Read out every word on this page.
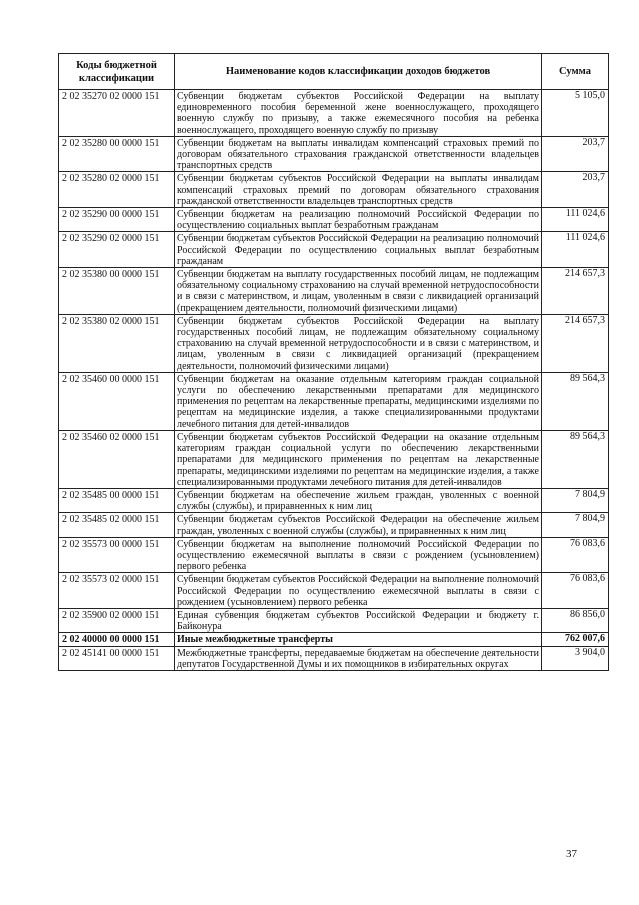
Коды бюджетной классификации	Наименование кодов классификации доходов бюджетов	Сумма
2 02 35270 02 0000 151	Субвенции бюджетам субъектов Российской Федерации на выплату единовременного пособия беременной жене военнослужащего, проходящего военную службу по призыву, а также ежемесячного пособия на ребенка военнослужащего, проходящего военную службу по призыву	5 105,0
2 02 35280 00 0000 151	Субвенции бюджетам на выплаты инвалидам компенсаций страховых премий по договорам обязательного страхования гражданской ответственности владельцев транспортных средств	203,7
2 02 35280 02 0000 151	Субвенции бюджетам субъектов Российской Федерации на выплаты инвалидам компенсаций страховых премий по договорам обязательного страхования гражданской ответственности владельцев транспортных средств	203,7
2 02 35290 00 0000 151	Субвенции бюджетам на реализацию полномочий Российской Федерации по осуществлению социальных выплат безработным гражданам	111 024,6
2 02 35290 02 0000 151	Субвенции бюджетам субъектов Российской Федерации на реализацию полномочий Российской Федерации по осуществлению социальных выплат безработным гражданам	111 024,6
2 02 35380 00 0000 151	Субвенции бюджетам на выплату государственных пособий лицам, не подлежащим обязательному социальному страхованию на случай временной нетрудоспособности и в связи с материнством, и лицам, уволенным в связи с ликвидацией организаций (прекращением деятельности, полномочий физическими лицами)	214 657,3
2 02 35380 02 0000 151	Субвенции бюджетам субъектов Российской Федерации на выплату государственных пособий лицам, не подлежащим обязательному социальному страхованию на случай временной нетрудоспособности и в связи с материнством, и лицам, уволенным в связи с ликвидацией организаций (прекращением деятельности, полномочий физическими лицами)	214 657,3
2 02 35460 00 0000 151	Субвенции бюджетам на оказание отдельным категориям граждан социальной услуги по обеспечению лекарственными препаратами для медицинского применения по рецептам на лекарственные препараты, медицинскими изделиями по рецептам на медицинские изделия, а также специализированными продуктами лечебного питания для детей-инвалидов	89 564,3
2 02 35460 02 0000 151	Субвенции бюджетам субъектов Российской Федерации на оказание отдельным категориям граждан социальной услуги по обеспечению лекарственными препаратами для медицинского применения по рецептам на лекарственные препараты, медицинскими изделиями по рецептам на медицинские изделия, а также специализированными продуктами лечебного питания для детей-инвалидов	89 564,3
2 02 35485 00 0000 151	Субвенции бюджетам на обеспечение жильем граждан, уволенных с военной службы (службы), и приравненных к ним лиц	7 804,9
2 02 35485 02 0000 151	Субвенции бюджетам субъектов Российской Федерации на обеспечение жильем граждан, уволенных с военной службы (службы), и приравненных к ним лиц	7 804,9
2 02 35573 00 0000 151	Субвенции бюджетам на выполнение полномочий Российской Федерации по осуществлению ежемесячной выплаты в связи с рождением (усыновлением) первого ребенка	76 083,6
2 02 35573 02 0000 151	Субвенции бюджетам субъектов Российской Федерации на выполнение полномочий Российской Федерации по осуществлению ежемесячной выплаты в связи с рождением (усыновлением) первого ребенка	76 083,6
2 02 35900 02 0000 151	Единая субвенция бюджетам субъектов Российской Федерации и бюджету г. Байконура	86 856,0
2 02 40000 00 0000 151	Иные межбюджетные трансферты	762 007,6
2 02 45141 00 0000 151	Межбюджетные трансферты, передаваемые бюджетам на обеспечение деятельности депутатов Государственной Думы и их помощников в избирательных округах	3 904,0
37
